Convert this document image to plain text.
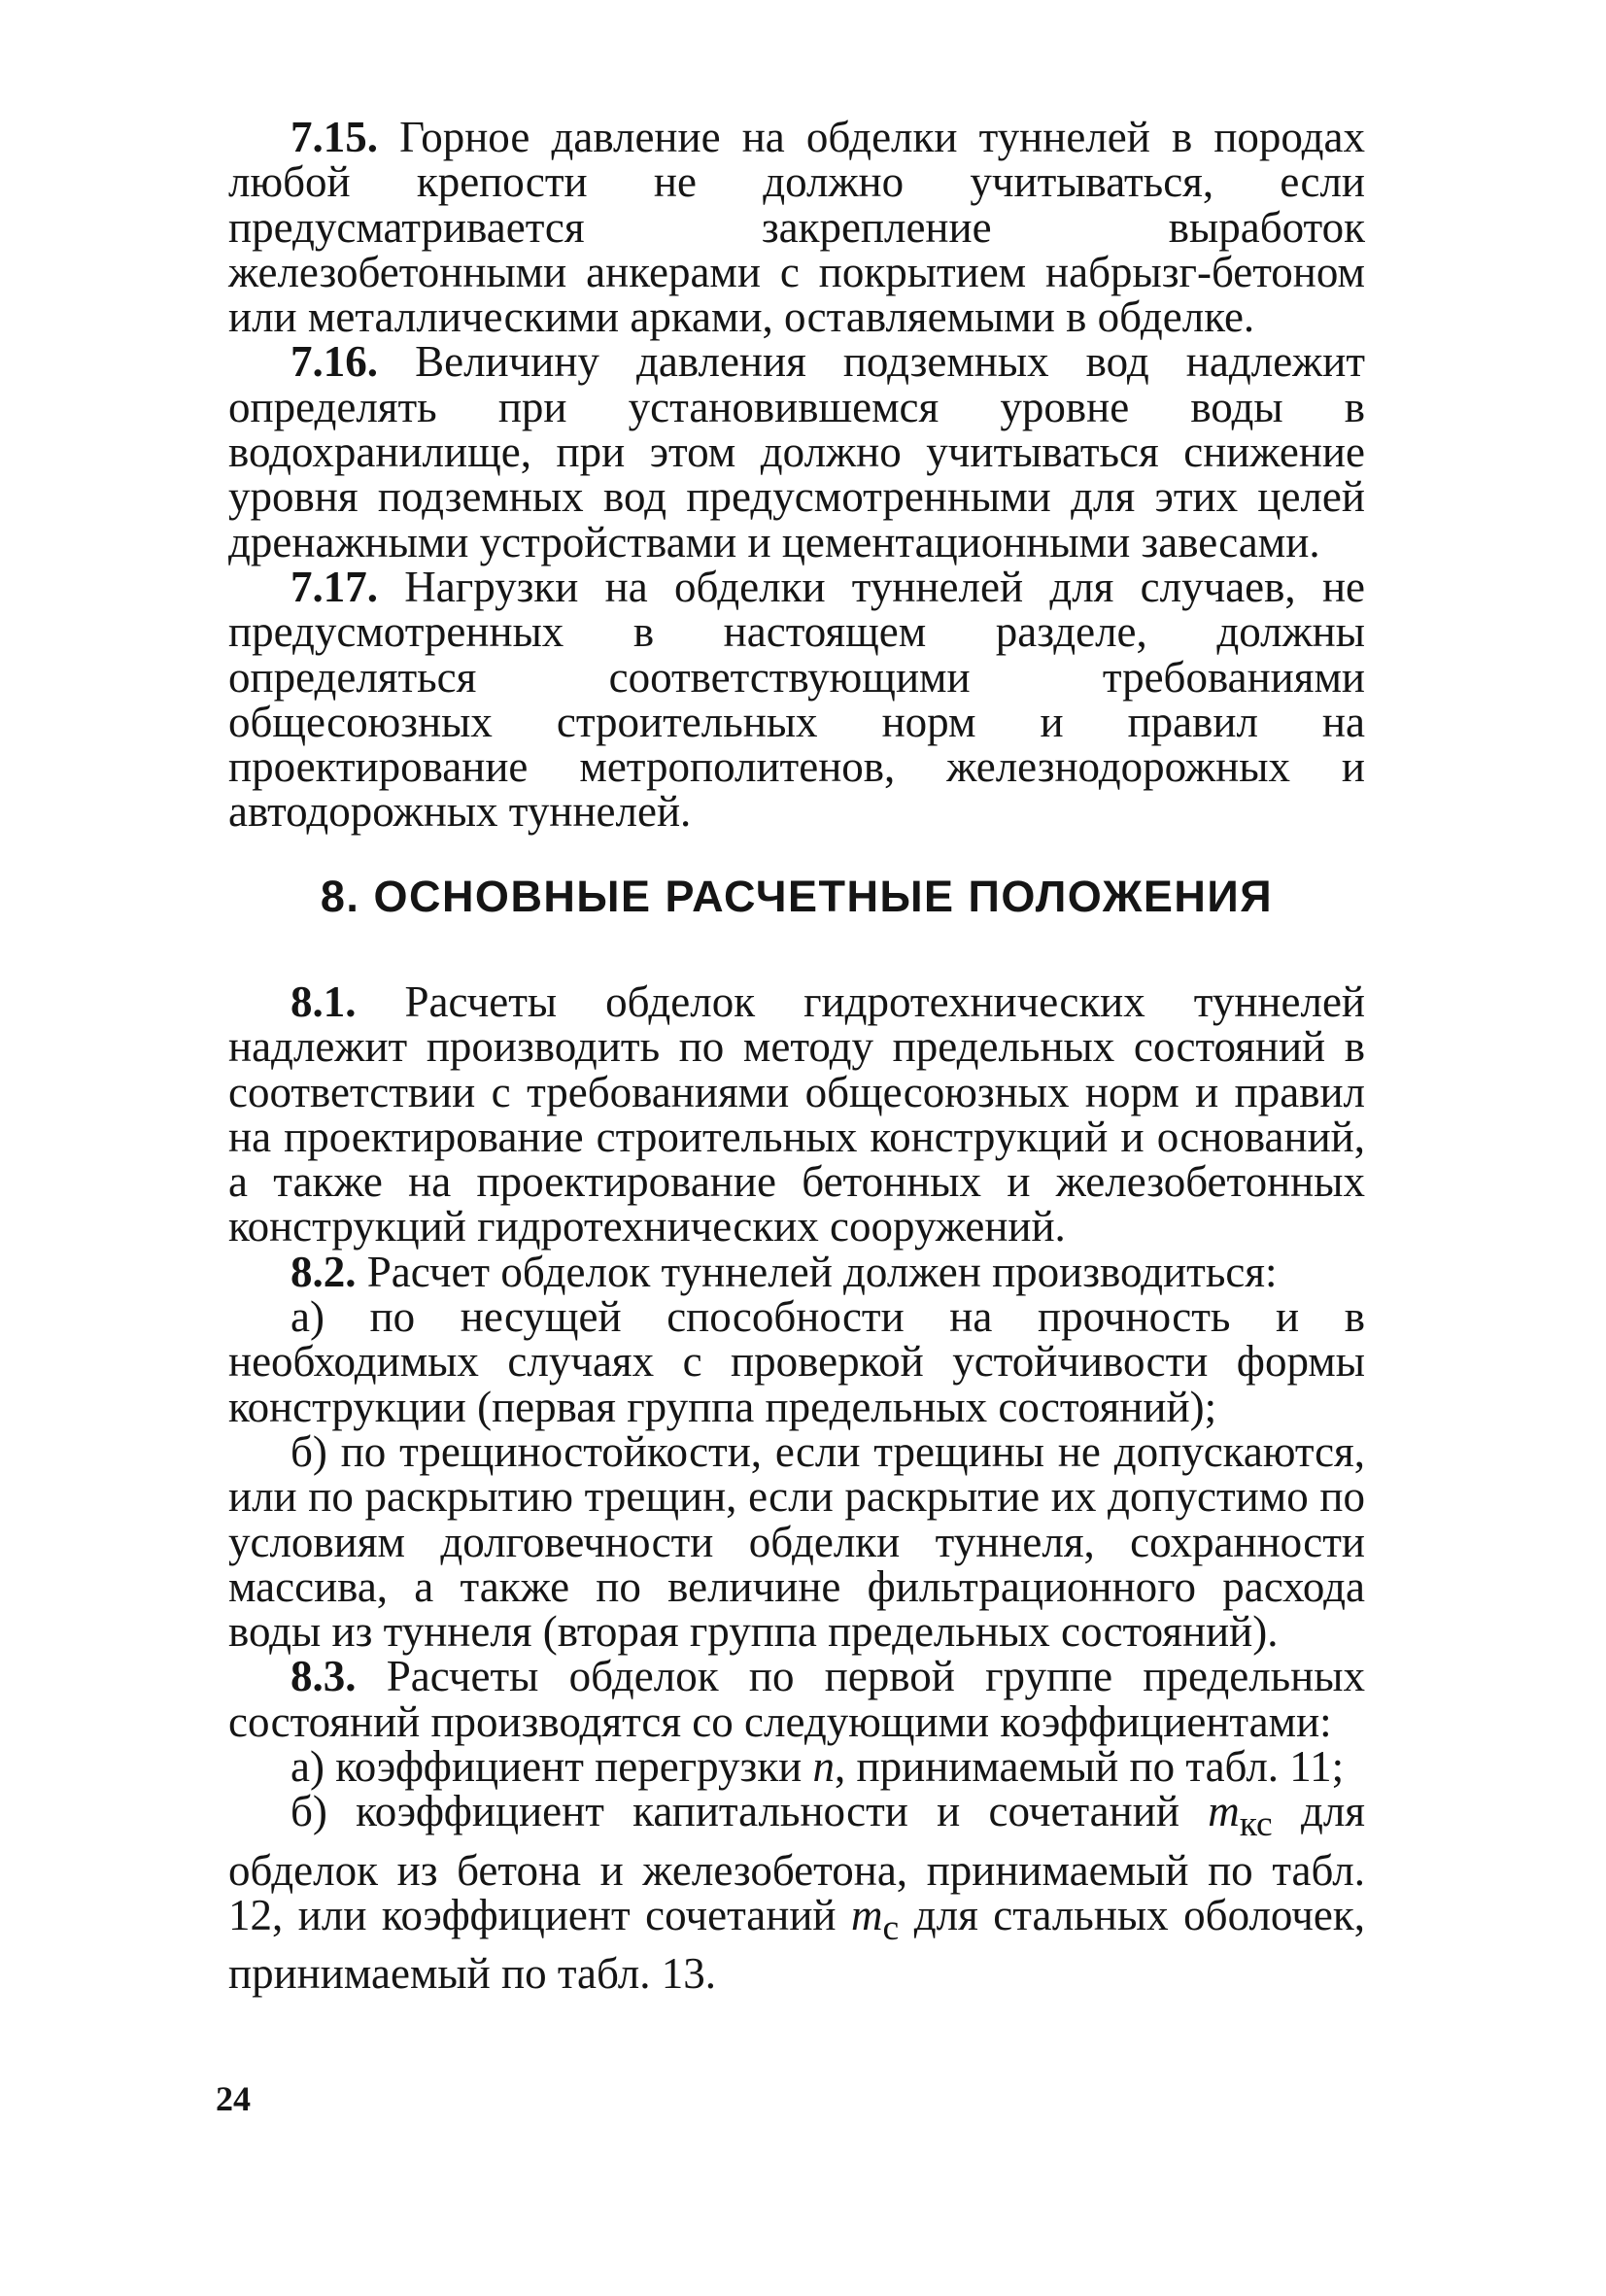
7.15. Горное давление на обделки туннелей в породах любой крепости не должно учитываться, если предусматривается закрепление выработок железобетонными анкерами с покрытием набрызг-бетоном или металлическими арками, оставляемыми в обделке.

7.16. Величину давления подземных вод надлежит определять при установившемся уровне воды в водохранилище, при этом должно учитываться снижение уровня подземных вод предусмотренными для этих целей дренажными устройствами и цементационными завесами.

7.17. Нагрузки на обделки туннелей для случаев, не предусмотренных в настоящем разделе, должны определяться соответствующими требованиями общесоюзных строительных норм и правил на проектирование метрополитенов, железнодорожных и автодорожных туннелей.

8. ОСНОВНЫЕ РАСЧЕТНЫЕ ПОЛОЖЕНИЯ

8.1. Расчеты обделок гидротехнических туннелей надлежит производить по методу предельных состояний в соответствии с требованиями общесоюзных норм и правил на проектирование строительных конструкций и оснований, а также на проектирование бетонных и железобетонных конструкций гидротехнических сооружений.

8.2. Расчет обделок туннелей должен производиться:

а) по несущей способности на прочность и в необходимых случаях с проверкой устойчивости формы конструкции (первая группа предельных состояний);

б) по трещиностойкости, если трещины не допускаются, или по раскрытию трещин, если раскрытие их допустимо по условиям долговечности обделки туннеля, сохранности массива, а также по величине фильтрационного расхода воды из туннеля (вторая группа предельных состояний).

8.3. Расчеты обделок по первой группе предельных состояний производятся со следующими коэффициентами:

а) коэффициент перегрузки n, принимаемый по табл. 11;

б) коэффициент капитальности и сочетаний $m_{кс}$ для обделок из бетона и железобетона, принимаемый по табл. 12, или коэффициент сочетаний $m_с$ для стальных оболочек, принимаемый по табл. 13.

24
